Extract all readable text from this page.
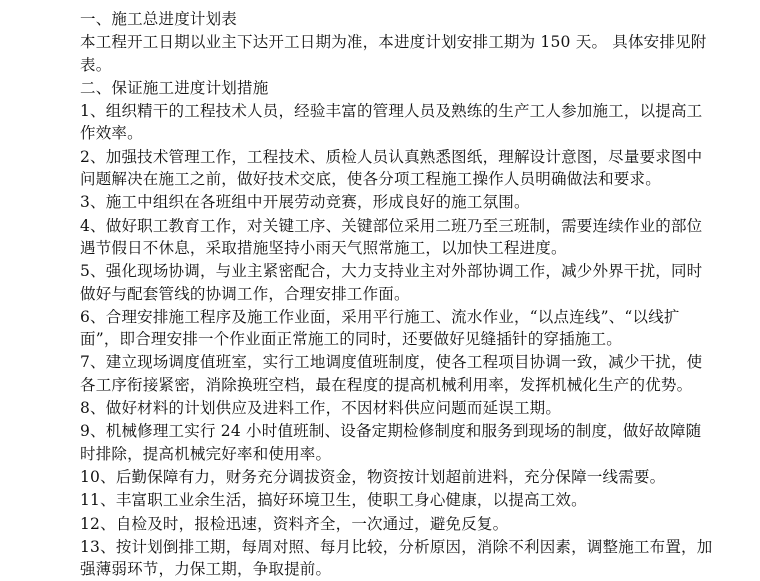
一、施工总进度计划表
本工程开工日期以业主下达开工日期为准，本进度计划安排工期为 150 天。 具体安排见附
表。
二、保证施工进度计划措施
1、组织精干的工程技术人员，经验丰富的管理人员及熟练的生产工人参加施工，以提高工
作效率。
2、加强技术管理工作，工程技术、质检人员认真熟悉图纸，理解设计意图，尽量要求图中
问题解决在施工之前，做好技术交底，使各分项工程施工操作人员明确做法和要求。
3、施工中组织在各班组中开展劳动竞赛，形成良好的施工氛围。
4、做好职工教育工作，对关键工序、关键部位采用二班乃至三班制，需要连续作业的部位
遇节假日不休息，采取措施坚持小雨天气照常施工，以加快工程进度。
5、强化现场协调，与业主紧密配合，大力支持业主对外部协调工作，减少外界干扰，同时
做好与配套管线的协调工作，合理安排工作面。
6、合理安排施工程序及施工作业面，采用平行施工、流水作业，“以点连线”、“以线扩
面”，即合理安排一个作业面正常施工的同时，还要做好见缝插针的穿插施工。
7、建立现场调度值班室，实行工地调度值班制度，使各工程项目协调一致，减少干扰，使
各工序衔接紧密，消除换班空档，最在程度的提高机械利用率，发挥机械化生产的优势。
8、做好材料的计划供应及进料工作，不因材料供应问题而延误工期。
9、机械修理工实行 24 小时值班制、设备定期检修制度和服务到现场的制度，做好故障随
时排除，提高机械完好率和使用率。
10、后勤保障有力，财务充分调拔资金，物资按计划超前进料，充分保障一线需要。
11、丰富职工业余生活，搞好环境卫生，使职工身心健康，以提高工效。
12、自检及时，报检迅速，资料齐全，一次通过，避免反复。
13、按计划倒排工期，每周对照、每月比较，分析原因，消除不利因素，调整施工布置，加
强薄弱环节，力保工期，争取提前。
